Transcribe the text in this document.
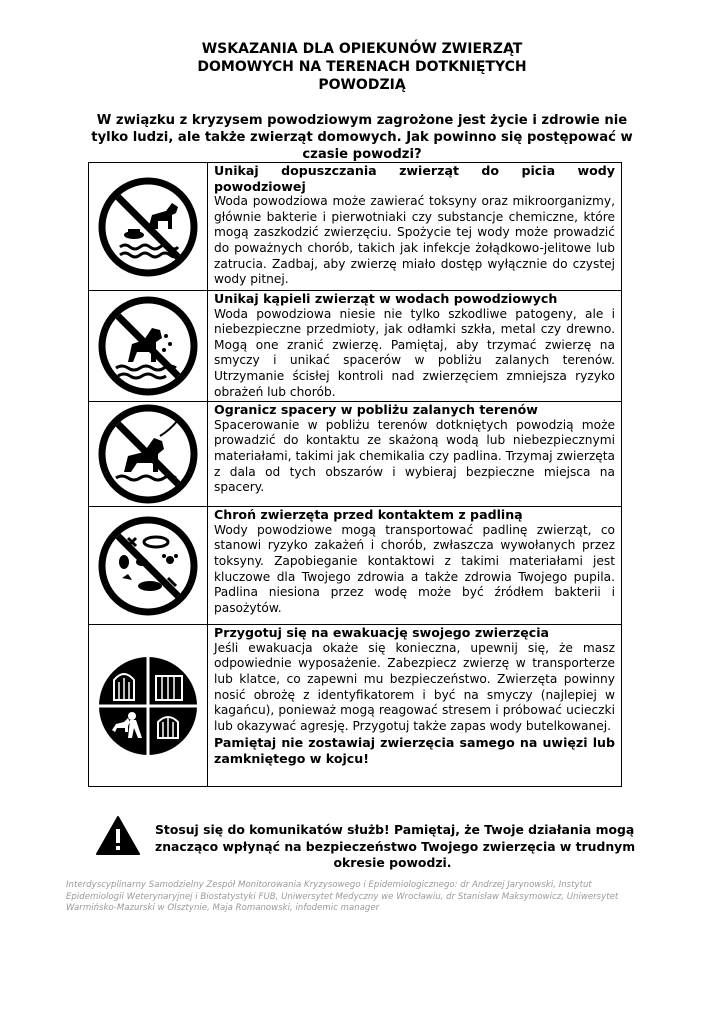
WSKAZANIA DLA OPIEKUNÓW ZWIERZĄT
DOMOWYCH NA TERENACH DOTKNIĘTYCH
POWODZIĄ
W związku z kryzysem powodziowym zagrożone jest życie i zdrowie nie
tylko ludzi, ale także zwierząt domowych. Jak powinno się postępować w
czasie powodzi?

Unikaj dopuszczania zwierząt do picia wody powodziowej
Woda powodziowa może zawierać toksyny oraz mikroorganizmy, głównie bakterie i pierwotniaki czy substancje chemiczne, które mogą zaszkodzić zwierzęciu. Spożycie tej wody może prowadzić do poważnych chorób, takich jak infekcje żołądkowo-jelitowe lub zatrucia. Zadbaj, aby zwierzę miało dostęp wyłącznie do czystej wody pitnej.

Unikaj kąpieli zwierząt w wodach powodziowych
Woda powodziowa niesie nie tylko szkodliwe patogeny, ale i niebezpieczne przedmioty, jak odłamki szkła, metal czy drewno. Mogą one zranić zwierzę. Pamiętaj, aby trzymać zwierzę na smyczy i unikać spacerów w pobliżu zalanych terenów. Utrzymanie ścisłej kontroli nad zwierzęciem zmniejsza ryzyko obrażeń lub chorób.

Ogranicz spacery w pobliżu zalanych terenów
Spacerowanie w pobliżu terenów dotkniętych powodzią może prowadzić do kontaktu ze skażoną wodą lub niebezpiecznymi materiałami, takimi jak chemikalia czy padlina. Trzymaj zwierzęta z dala od tych obszarów i wybieraj bezpieczne miejsca na spacery.

Chroń zwierzęta przed kontaktem z padliną
Wody powodziowe mogą transportować padlinę zwierząt, co stanowi ryzyko zakażeń i chorób, zwłaszcza wywołanych przez toksyny. Zapobieganie kontaktowi z takimi materiałami jest kluczowe dla Twojego zdrowia a także zdrowia Twojego pupila. Padlina niesiona przez wodę może być źródłem bakterii i pasożytów.

Przygotuj się na ewakuację swojego zwierzęcia
Jeśli ewakuacja okaże się konieczna, upewnij się, że masz odpowiednie wyposażenie. Zabezpiecz zwierzę w transporterze lub klatce, co zapewni mu bezpieczeństwo. Zwierzęta powinny nosić obrożę z identyfikatorem i być na smyczy (najlepiej w kagańcu), ponieważ mogą reagować stresem i próbować ucieczki lub okazywać agresję. Przygotuj także zapas wody butelkowanej.
Pamiętaj nie zostawiaj zwierzęcia samego na uwięzi lub zamkniętego w kojcu!
Stosuj się do komunikatów służb! Pamiętaj, że Twoje działania mogą
znacząco wpłynąć na bezpieczeństwo Twojego zwierzęcia w trudnym
okresie powodzi.
Interdyscyplinarny Samodzielny Zespół Monitorowania Kryzysowego i Epidemiologicznego: dr Andrzej Jarynowski, Instytut
Epidemiologii Weterynaryjnej i Biostatystyki FUB, Uniwersytet Medyczny we Wrocławiu, dr Stanisław Maksymowicz, Uniwersytet
Warmińsko-Mazurski w Olsztynie, Maja Romanowski, infodemic manager
